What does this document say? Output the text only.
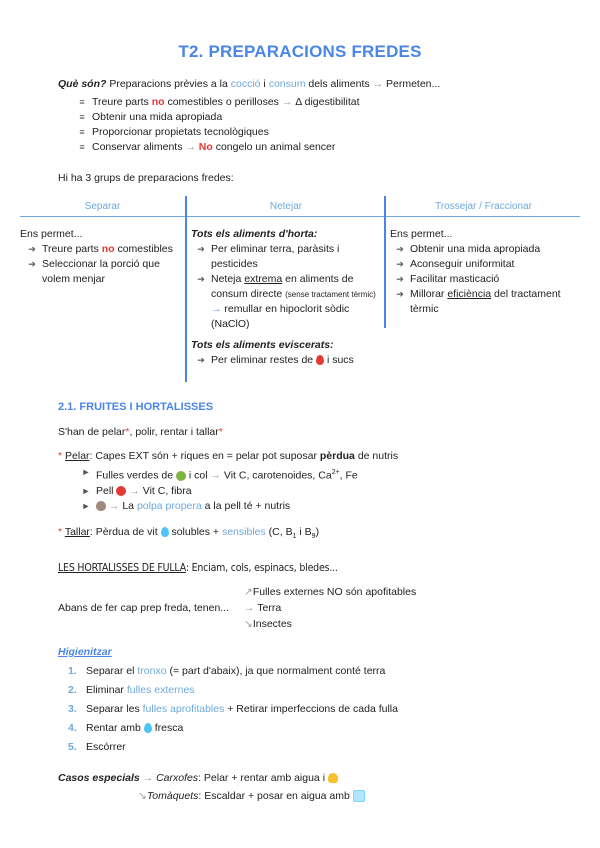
T2. PREPARACIONS FREDES
Què són? Preparacions prèvies a la cocció i consum dels aliments → Permeten...
≡ Treure parts no comestibles o perilloses → Δ digestibilitat
≡ Obtenir una mida apropiada
≡ Proporcionar propietats tecnològiques
≡ Conservar aliments → No congelo un animal sencer
Hi ha 3 grups de preparacions fredes:
Separar	Netejar	Trossejar / Fraccionar
Ens permet...
➔ Treure parts no comestibles
➔ Seleccionar la porció que volem menjar
Tots els aliments d'horta:
➔ Per eliminar terra, paràsits i pesticides
➔ Neteja extrema en aliments de consum directe (sense tractament tèrmic) → remullar en hipoclorit sòdic (NaClO)
Tots els aliments eviscerats:
➔ Per eliminar restes de  i sucs
Ens permet...
➔ Obtenir una mida apropiada
➔ Aconseguir uniformitat
➔ Facilitar masticació
➔ Millorar eficiència del tractament tèrmic
2.1. FRUITES I HORTALISSES
S'han de pelar*, polir, rentar i tallar*
* Pelar: Capes EXT són + riques en = pelar pot suposar pèrdua de nutris
► Fulles verdes de  i col → Vit C, carotenoides, $Ca^{2+}$, Fe
► Pell  → Vit C, fibra
► → La polpa propera a la pell té + nutris
* Tallar: Pèrdua de vit  solubles + sensibles (C, $B_1$ i $B_9$)
LES HORTALISSES DE FULLA: Enciam, cols, espinacs, bledes...
Abans de fer cap prep freda, tenen...
↗Fulles externes NO són apofitables
→ Terra
↘Insectes
Higienitzar
1. Separar el tronxo (= part d'abaix), ja que normalment conté terra
2. Eliminar fulles externes
3. Separar les fulles aprofitables + Retirar imperfeccions de cada fulla
4. Rentar amb  fresca
5. Escórrer
Casos especials → Carxofes: Pelar + rentar amb aigua i
↘Tomàquets: Escaldar + posar en aigua amb
